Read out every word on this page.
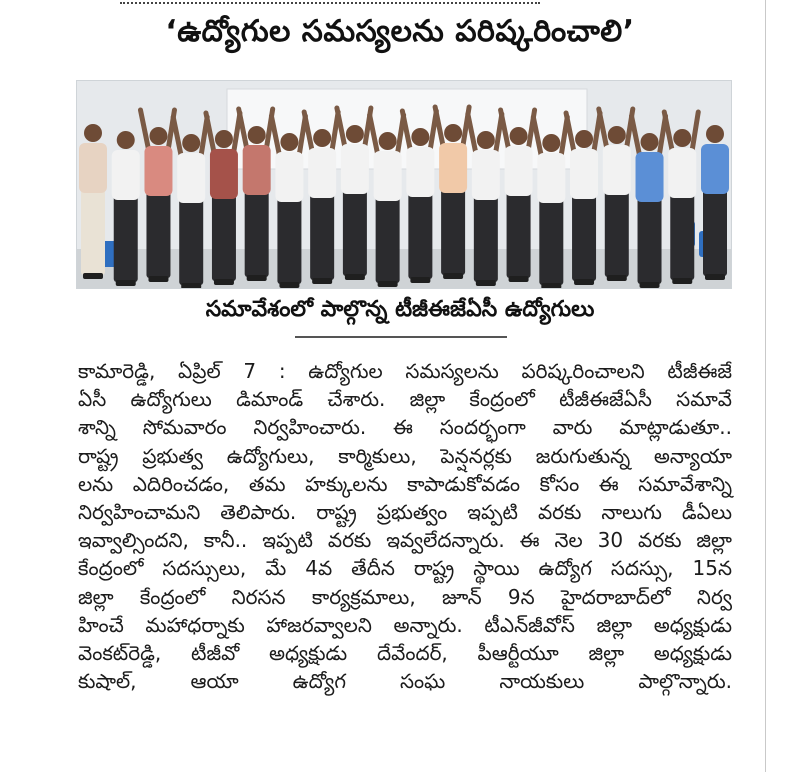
‘ఉద్యోగుల సమస్యలను పరిష్కరించాలి’
సమావేశంలో పాల్గొన్న టీజీఈజేఏసీ ఉద్యోగులు
కామారెడ్డి, ఏప్రిల్ 7 : ఉద్యోగుల సమస్యలను పరిష్కరించాలని టీజీఈజే
ఏసీ ఉద్యోగులు డిమాండ్ చేశారు. జిల్లా కేంద్రంలో టీజీఈజేఏసీ సమావే
శాన్ని సోమవారం నిర్వహించారు. ఈ సందర్భంగా వారు మాట్లాడుతూ..
రాష్ట్ర ప్రభుత్వ ఉద్యోగులు, కార్మికులు, పెన్షనర్లకు జరుగుతున్న అన్యాయా
లను ఎదిరించడం, తమ హక్కులను కాపాడుకోవడం కోసం ఈ సమావేశాన్ని
నిర్వహించామని తెలిపారు. రాష్ట్ర ప్రభుత్వం ఇప్పటి వరకు నాలుగు డీఏలు
ఇవ్వాల్సిందని, కానీ.. ఇప్పటి వరకు ఇవ్వలేదన్నారు. ఈ నెల 30 వరకు జిల్లా
కేంద్రంలో సదస్సులు, మే 4వ తేదీన రాష్ట్ర స్థాయి ఉద్యోగ సదస్సు, 15న
జిల్లా కేంద్రంలో నిరసన కార్యక్రమాలు, జూన్ 9న హైదరాబాద్‌లో నిర్వ
హించే మహాధర్నాకు హాజరవ్వాలని అన్నారు. టీఎన్‌జీవోస్ జిల్లా అధ్యక్షుడు
వెంకట్‌రెడ్డి, టీజీవో అధ్యక్షుడు దేవేందర్, పీఆర్టీయూ జిల్లా అధ్యక్షుడు
కుషాల్, ఆయా ఉద్యోగ సంఘ నాయకులు పాల్గొన్నారు.
